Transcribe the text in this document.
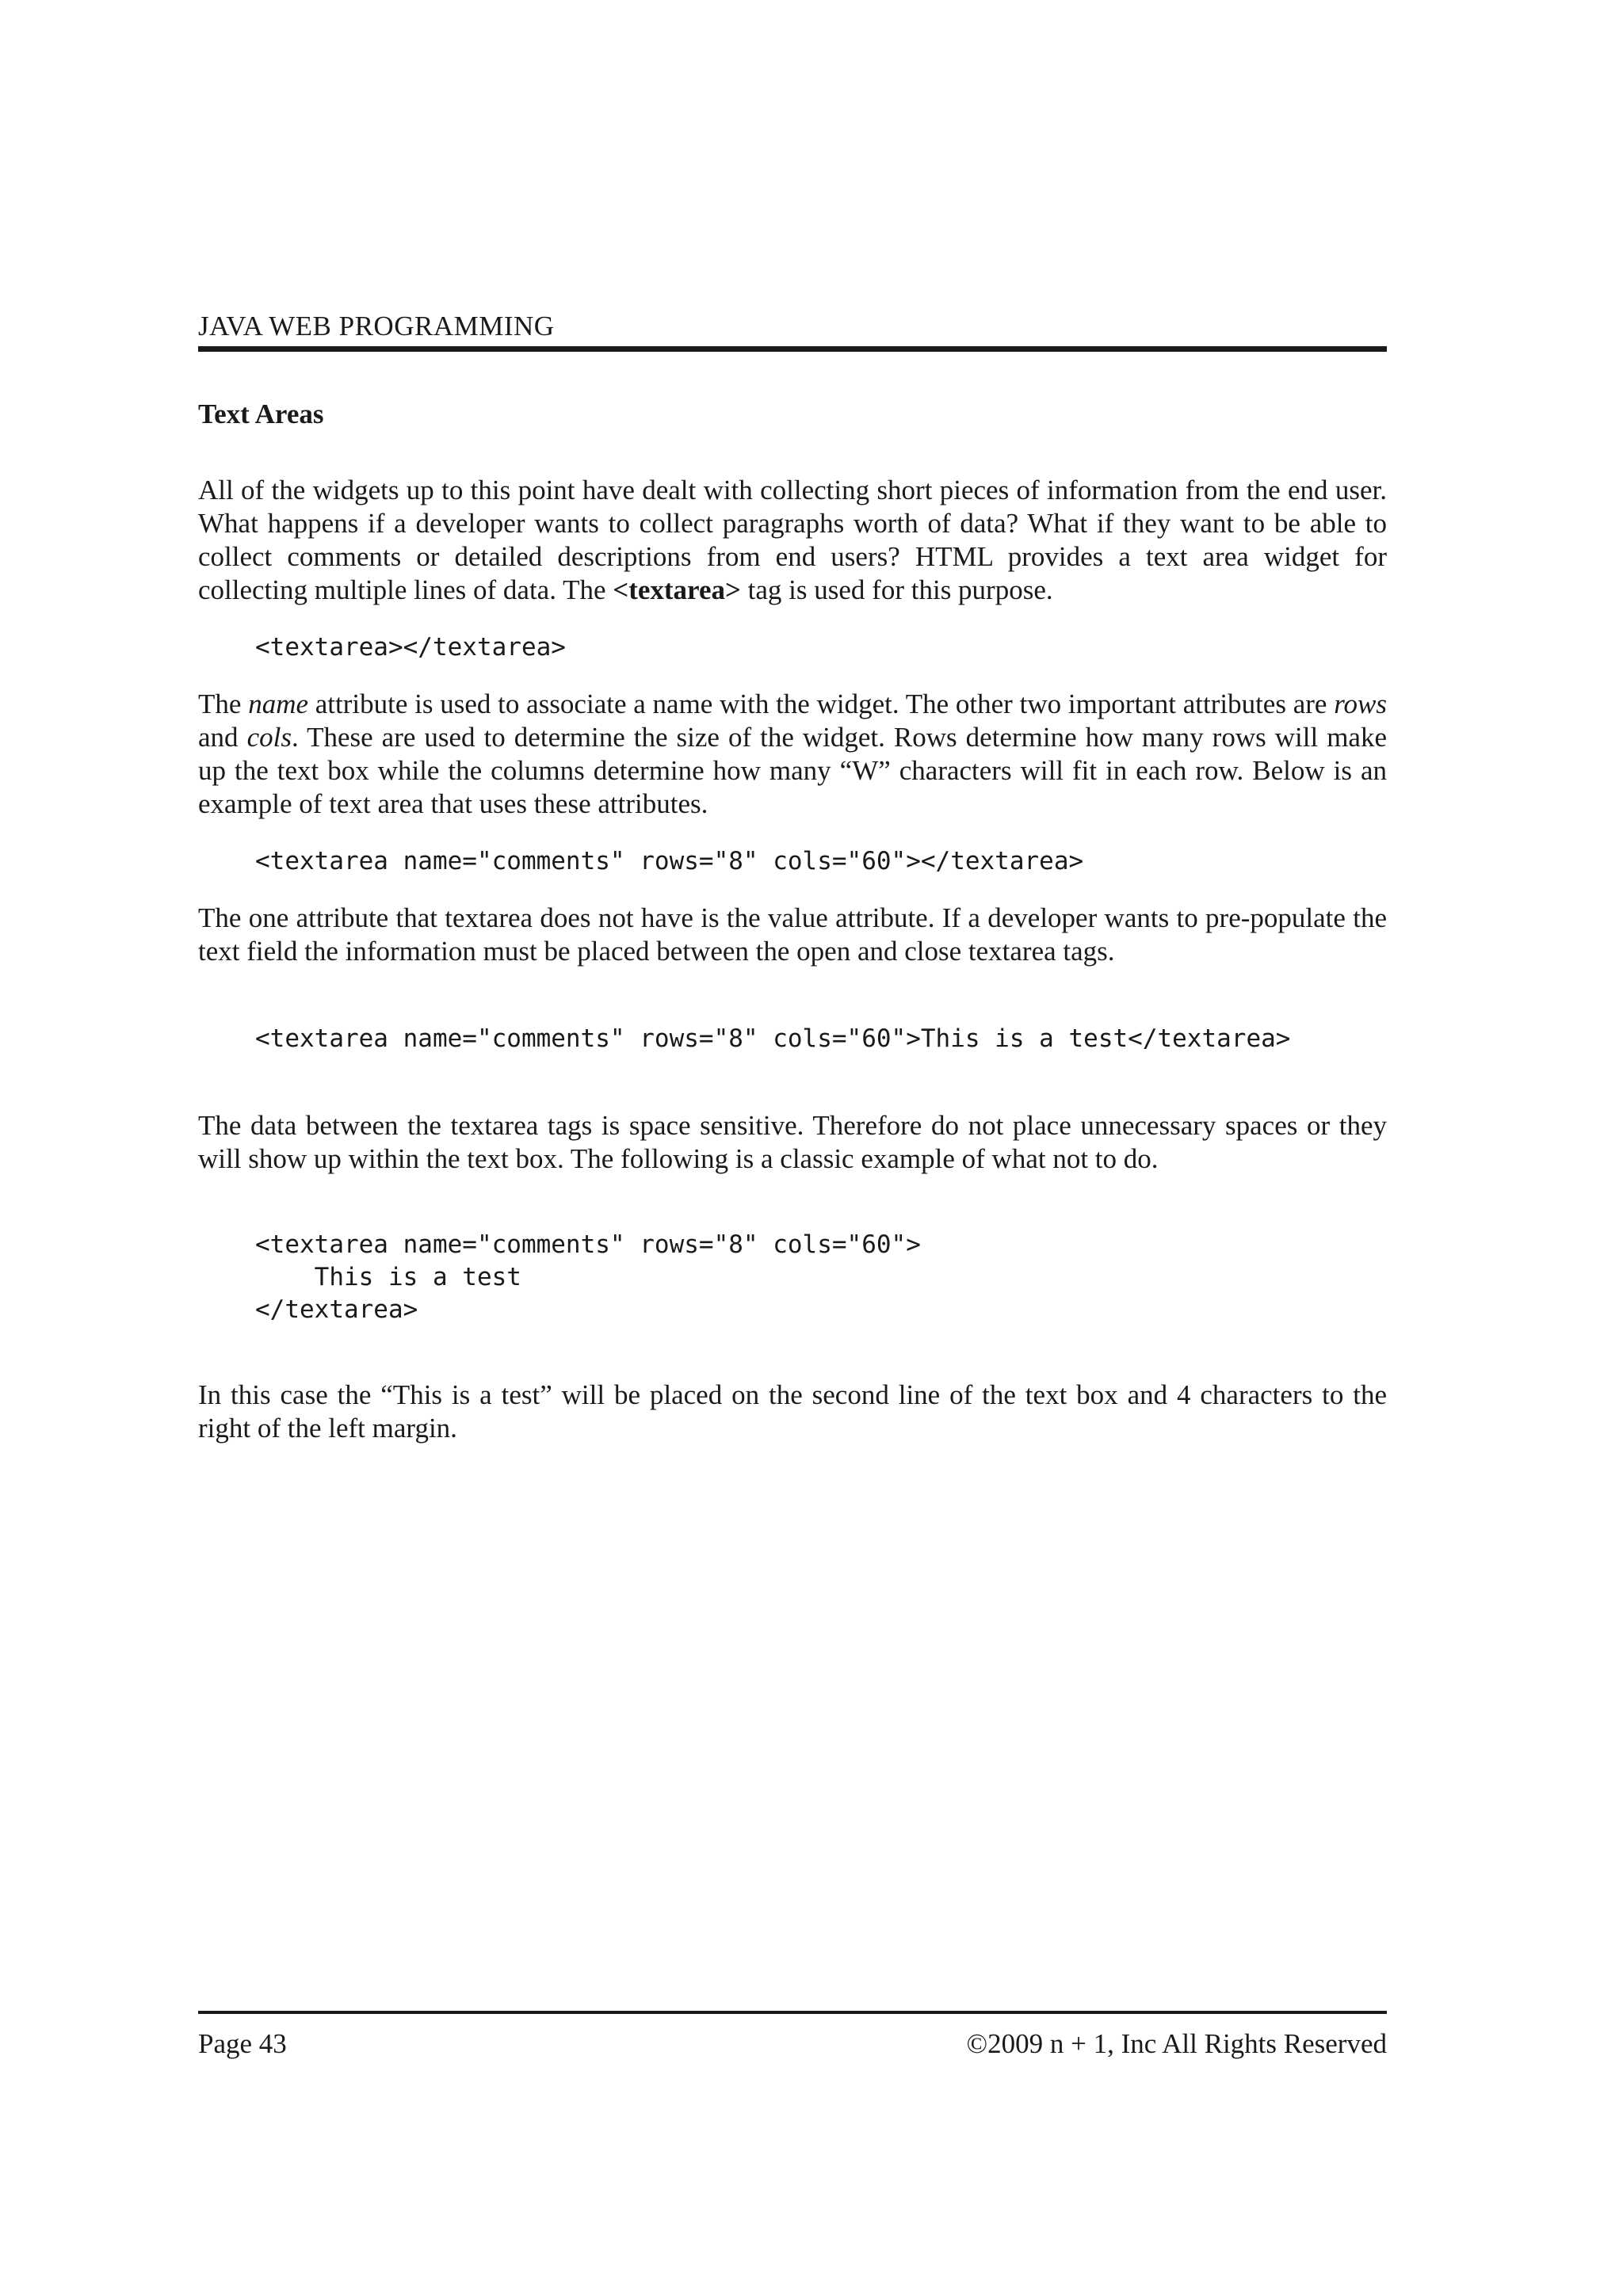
JAVA WEB PROGRAMMING
Text Areas

All of the widgets up to this point have dealt with collecting short pieces of information from the end user. What happens if a developer wants to collect paragraphs worth of data? What if they want to be able to collect comments or detailed descriptions from end users? HTML provides a text area widget for collecting multiple lines of data. The <textarea> tag is used for this purpose.

<textarea></textarea>

The name attribute is used to associate a name with the widget. The other two important attributes are rows and cols. These are used to determine the size of the widget. Rows determine how many rows will make up the text box while the columns determine how many “W” characters will fit in each row. Below is an example of text area that uses these attributes.

<textarea name="comments" rows="8" cols="60"></textarea>

The one attribute that textarea does not have is the value attribute. If a developer wants to pre-populate the text field the information must be placed between the open and close textarea tags.

<textarea name="comments" rows="8" cols="60">This is a test</textarea>

The data between the textarea tags is space sensitive. Therefore do not place unnecessary spaces or they will show up within the text box. The following is a classic example of what not to do.

<textarea name="comments" rows="8" cols="60">
This is a test
</textarea>

In this case the “This is a test” will be placed on the second line of the text box and 4 characters to the right of the left margin.

Page 43	©2009 n + 1, Inc All Rights Reserved
